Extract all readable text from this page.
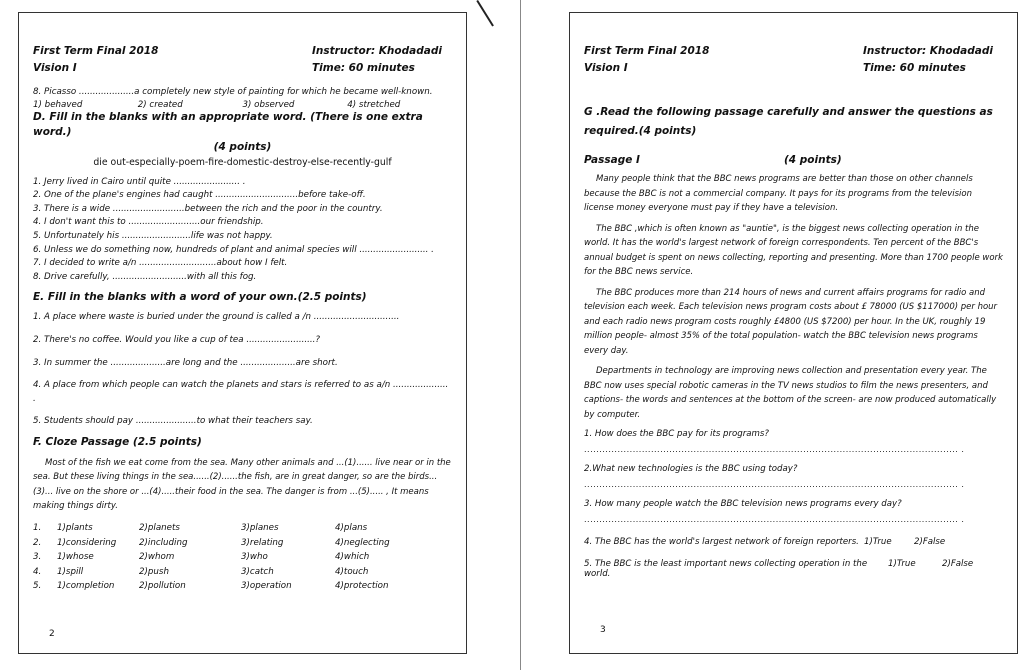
First Term Final 2018
Vision I
Instructor: Khodadadi
Time: 60 minutes
8. Picasso ....................a completely new style of painting for which he became well-known.
1) behaved	2) created	3) observed	4) stretched
D. Fill in the blanks with an appropriate word. (There is one extra word.)
(4 points)
die out-especially-poem-fire-domestic-destroy-else-recently-gulf
1. Jerry lived in Cairo until quite ........................ .
2. One of the plane's engines had caught ..............................before take-off.
3. There is a wide ..........................between the rich and the poor in the country.
4. I don't want this to ..........................our friendship.
5. Unfortunately his .........................life was not happy.
6. Unless we do something now, hundreds of plant and animal species will ......................... .
7. I decided to write a/n ............................about how I felt.
8. Drive carefully, ...........................with all this fog.
E. Fill in the blanks with a word of your own.(2.5 points)
1. A place where waste is buried under the ground is called a /n ...............................
2. There's no coffee. Would you like a cup of tea .........................?
3. In summer the ....................are long and the ....................are short.
4. A place from which people can watch the planets and stars is referred to as a/n .................... .
5. Students should pay ......................to what their teachers say.
F. Cloze Passage (2.5 points)
Most of the fish we eat come from the sea. Many other animals and ...(1)...... live near or in the sea. But these living things in the sea......(2)......the fish, are in great danger, so are the birds...(3)... live on the shore or ...(4).....their food in the sea. The danger is from ...(5)..... , It means making things dirty.
1.	1)plants	2)planets	3)planes	4)plans
2.	1)considering	2)including	3)relating	4)neglecting
3.	1)whose	2)whom	3)who	4)which
4.	1)spill	2)push	3)catch	4)touch
5.	1)completion	2)pollution	3)operation	4)protection
2
First Term Final 2018
Vision I
Instructor: Khodadadi
Time: 60 minutes
G .Read the following passage carefully and answer the questions as required.(4 points)
Passage I	(4 points)
Many people think that the BBC news programs are better than those on other channels because the BBC is not a commercial company. It pays for its programs from the television license money everyone must pay if they have a television.
The BBC ,which is often known as "auntie", is the biggest news collecting operation in the world. It has the world's largest network of foreign correspondents. Ten percent of the BBC's annual budget is spent on news collecting, reporting and presenting. More than 1700 people work for the BBC news service.
The BBC produces more than 214 hours of news and current affairs programs for radio and television each week. Each television news program costs about £ 78000 (US $117000) per hour and each radio news program costs roughly £4800 (US $7200) per hour. In the UK, roughly 19 million people- almost 35% of the total population- watch the BBC television news programs every day.
Departments in technology are improving news collection and presentation every year. The BBC now uses special robotic cameras in the TV news studios to film the news presenters, and captions- the words and sentences at the bottom of the screen- are now produced automatically by computer.
1. How does the BBC pay for its programs?
........................................................................................................................... .
2.What new technologies is the BBC using today?
........................................................................................................................... .
3. How many people watch the BBC television news programs every day?
........................................................................................................................... .
4. The BBC has the world's largest network of foreign reporters. 1)True	2)False
5. The BBC is the least important news collecting operation in the world.
1)True	2)False
3
